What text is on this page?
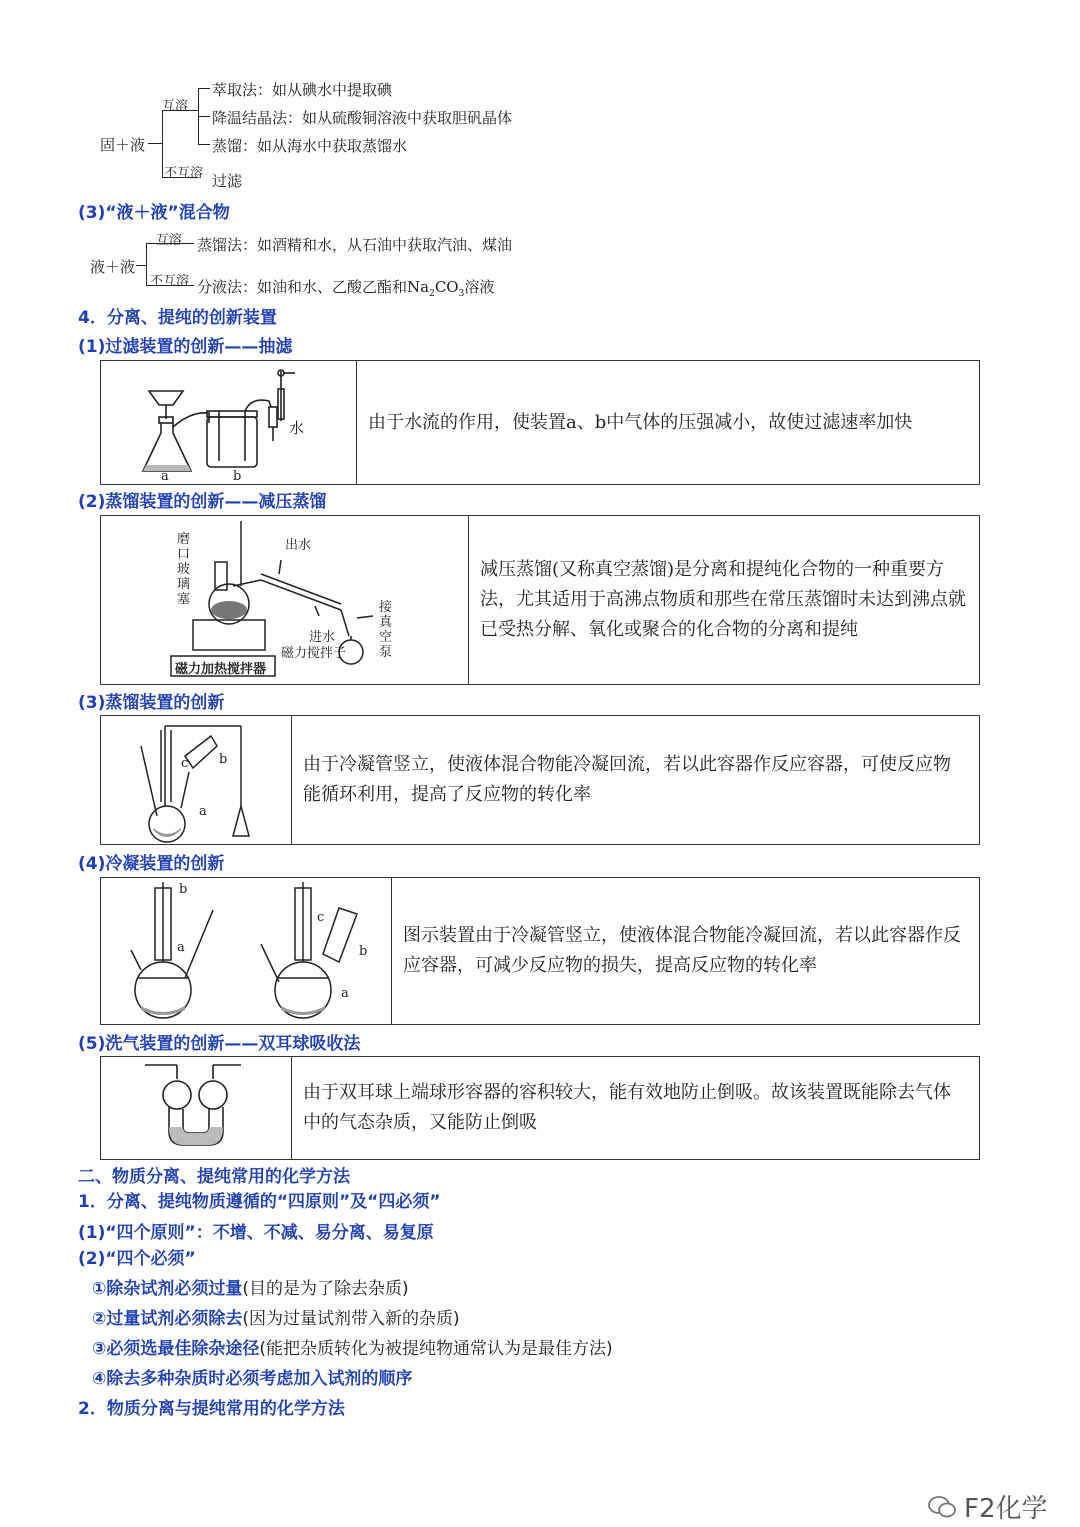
固＋液
互溶
不互溶
萃取法：如从碘水中提取碘
降温结晶法：如从硫酸铜溶液中获取胆矾晶体
蒸馏：如从海水中获取蒸馏水
过滤
(3)“液＋液”混合物
液＋液
互溶
不互溶
蒸馏法：如酒精和水，从石油中获取汽油、煤油
分液法：如油和水、乙酸乙酯和$Na_2CO_3$溶液
4．分离、提纯的创新装置
(1)过滤装置的创新——抽滤
a	b
水	由于水流的作用，使装置a、b中气体的压强减小，故使过滤速率加快
(2)蒸馏装置的创新——减压蒸馏
磨口玻璃塞
出水
进水
接真空泵
磁力搅拌子
磁力加热搅拌器
减压蒸馏(又称真空蒸馏)是分离和提纯化合物的一种重要方法，尤其适用于高沸点物质和那些在常压蒸馏时未达到沸点就已受热分解、氧化或聚合的化合物的分离和提纯
(3)蒸馏装置的创新
a
b
c	由于冷凝管竖立，使液体混合物能冷凝回流，若以此容器作反应容器，可使反应物能循环利用，提高了反应物的转化率
(4)冷凝装置的创新
b
a
c
b
a
图示装置由于冷凝管竖立，使液体混合物能冷凝回流，若以此容器作反应容器，可减少反应物的损失，提高反应物的转化率
(5)洗气装置的创新——双耳球吸收法
由于双耳球上端球形容器的容积较大，能有效地防止倒吸。故该装置既能除去气体中的气态杂质，又能防止倒吸
二、物质分离、提纯常用的化学方法
1．分离、提纯物质遵循的“四原则”及“四必须”
(1)“四个原则”：不增、不减、易分离、易复原
(2)“四个必须”
①除杂试剂必须过量(目的是为了除去杂质)
②过量试剂必须除去(因为过量试剂带入新的杂质)
③必须选最佳除杂途径(能把杂质转化为被提纯物通常认为是最佳方法)
④除去多种杂质时必须考虑加入试剂的顺序
2．物质分离与提纯常用的化学方法
F2化学
